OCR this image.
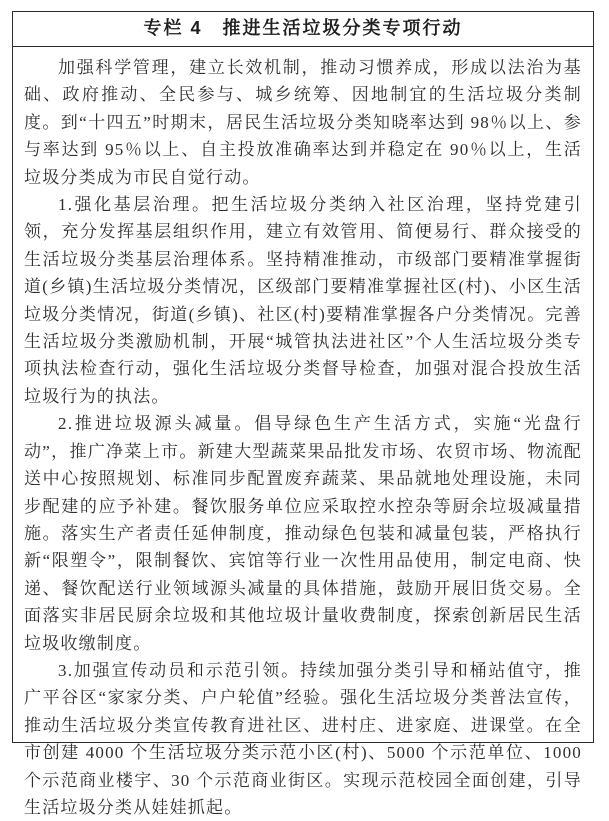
专栏 4　推进生活垃圾分类专项行动

加强科学管理，建立长效机制，推动习惯养成，形成以法治为基础、政府推动、全民参与、城乡统筹、因地制宜的生活垃圾分类制度。到“十四五”时期末，居民生活垃圾分类知晓率达到 98％以上、参与率达到 95％以上、自主投放准确率达到并稳定在 90％以上，生活垃圾分类成为市民自觉行动。

1.强化基层治理。把生活垃圾分类纳入社区治理，坚持党建引领，充分发挥基层组织作用，建立有效管用、简便易行、群众接受的生活垃圾分类基层治理体系。坚持精准推动，市级部门要精准掌握街道(乡镇)生活垃圾分类情况，区级部门要精准掌握社区(村)、小区生活垃圾分类情况，街道(乡镇)、社区(村)要精准掌握各户分类情况。完善生活垃圾分类激励机制，开展“城管执法进社区”个人生活垃圾分类专项执法检查行动，强化生活垃圾分类督导检查，加强对混合投放生活垃圾行为的执法。

2.推进垃圾源头减量。倡导绿色生产生活方式，实施“光盘行动”，推广净菜上市。新建大型蔬菜果品批发市场、农贸市场、物流配送中心按照规划、标准同步配置废弃蔬菜、果品就地处理设施，未同步配建的应予补建。餐饮服务单位应采取控水控杂等厨余垃圾减量措施。落实生产者责任延伸制度，推动绿色包装和减量包装，严格执行新“限塑令”，限制餐饮、宾馆等行业一次性用品使用，制定电商、快递、餐饮配送行业领域源头减量的具体措施，鼓励开展旧货交易。全面落实非居民厨余垃圾和其他垃圾计量收费制度，探索创新居民生活垃圾收缴制度。

3.加强宣传动员和示范引领。持续加强分类引导和桶站值守，推广平谷区“家家分类、户户轮值”经验。强化生活垃圾分类普法宣传，推动生活垃圾分类宣传教育进社区、进村庄、进家庭、进课堂。在全市创建 4000 个生活垃圾分类示范小区(村)、5000 个示范单位、1000 个示范商业楼宇、30 个示范商业街区。实现示范校园全面创建，引导生活垃圾分类从娃娃抓起。
